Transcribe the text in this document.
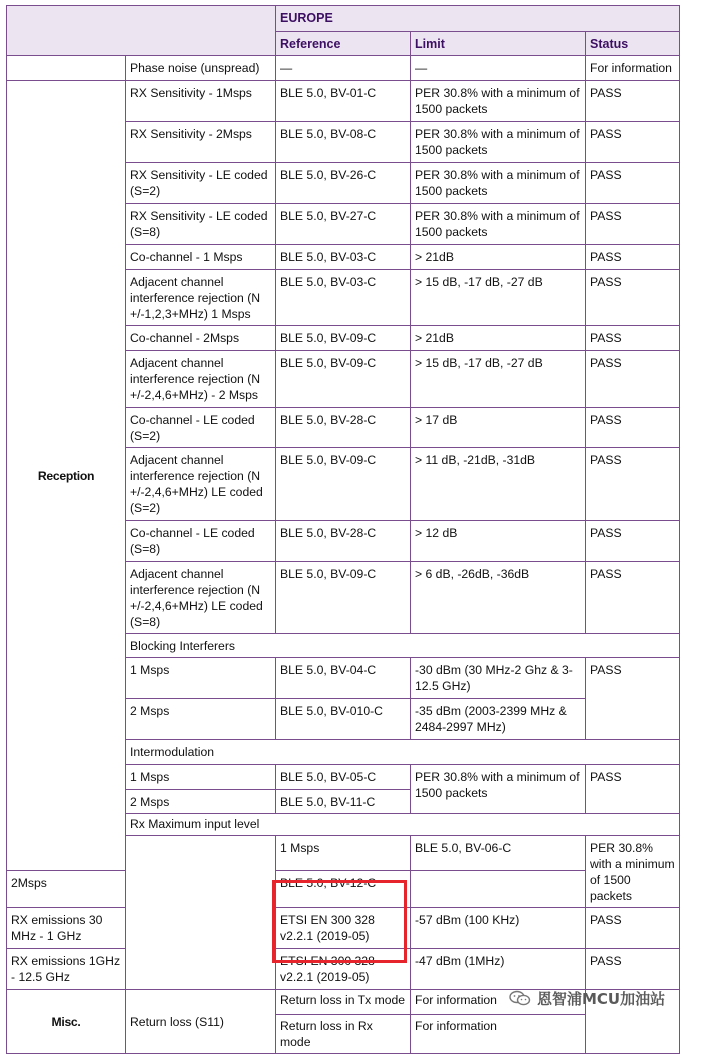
		EUROPE			
		Reference	Limit	Status	
	Phase noise (unspread)	—	—	For information	
Reception	RX Sensitivity - 1Msps	BLE 5.0, BV-01-C	PER 30.8% with a minimum of 1500 packets	PASS	
	RX Sensitivity - 2Msps	BLE 5.0, BV-08-C	PER 30.8% with a minimum of 1500 packets	PASS	
	RX Sensitivity - LE coded (S=2)	BLE 5.0, BV-26-C	PER 30.8% with a minimum of 1500 packets	PASS	
	RX Sensitivity - LE coded (S=8)	BLE 5.0, BV-27-C	PER 30.8% with a minimum of 1500 packets	PASS	
	Co-channel - 1 Msps	BLE 5.0, BV-03-C	> 21dB	PASS	
	Adjacent channel interference rejection (N +/-1,2,3+MHz) 1 Msps	BLE 5.0, BV-03-C	> 15 dB, -17 dB, -27 dB	PASS	
	Co-channel - 2Msps	BLE 5.0, BV-09-C	> 21dB	PASS	
	Adjacent channel interference rejection (N +/-2,4,6+MHz) - 2 Msps	BLE 5.0, BV-09-C	> 15 dB, -17 dB, -27 dB	PASS	
	Co-channel - LE coded (S=2)	BLE 5.0, BV-28-C	> 17 dB	PASS	
	Adjacent channel interference rejection (N +/-2,4,6+MHz) LE coded (S=2)	BLE 5.0, BV-09-C	> 11 dB, -21dB, -31dB	PASS	
	Co-channel - LE coded (S=8)	BLE 5.0, BV-28-C	> 12 dB	PASS	
	Adjacent channel interference rejection (N +/-2,4,6+MHz) LE coded (S=8)	BLE 5.0, BV-09-C	> 6 dB, -26dB, -36dB	PASS	
	Blocking Interferers				
	1 Msps	BLE 5.0, BV-04-C	-30 dBm (30 MHz-2 Ghz & 3-12.5 GHz)	PASS	
	2 Msps	BLE 5.0, BV-010-C	-35 dBm (2003-2399 MHz & 2484-2997 MHz)		
	Intermodulation				
	1 Msps	BLE 5.0, BV-05-C	PER 30.8% with a minimum of 1500 packets	PASS	
	2 Msps	BLE 5.0, BV-11-C			
	Rx Maximum input level				
		1 Msps	BLE 5.0, BV-06-C	PER 30.8% with a minimum of 1500 packets	
2Msps		BLE 5.0, BV-12-C			
RX emissions 30 MHz - 1 GHz		ETSI EN 300 328 v2.2.1 (2019-05)	-57 dBm (100 KHz)	PASS	
RX emissions 1GHz - 12.5 GHz		ETSI EN 300 328 v2.2.1 (2019-05)	-47 dBm (1MHz)	PASS	
Misc.	Return loss (S11)	Return loss in Tx mode	For information		
		Return loss in Rx mode	For information		
恩智浦MCU加油站
